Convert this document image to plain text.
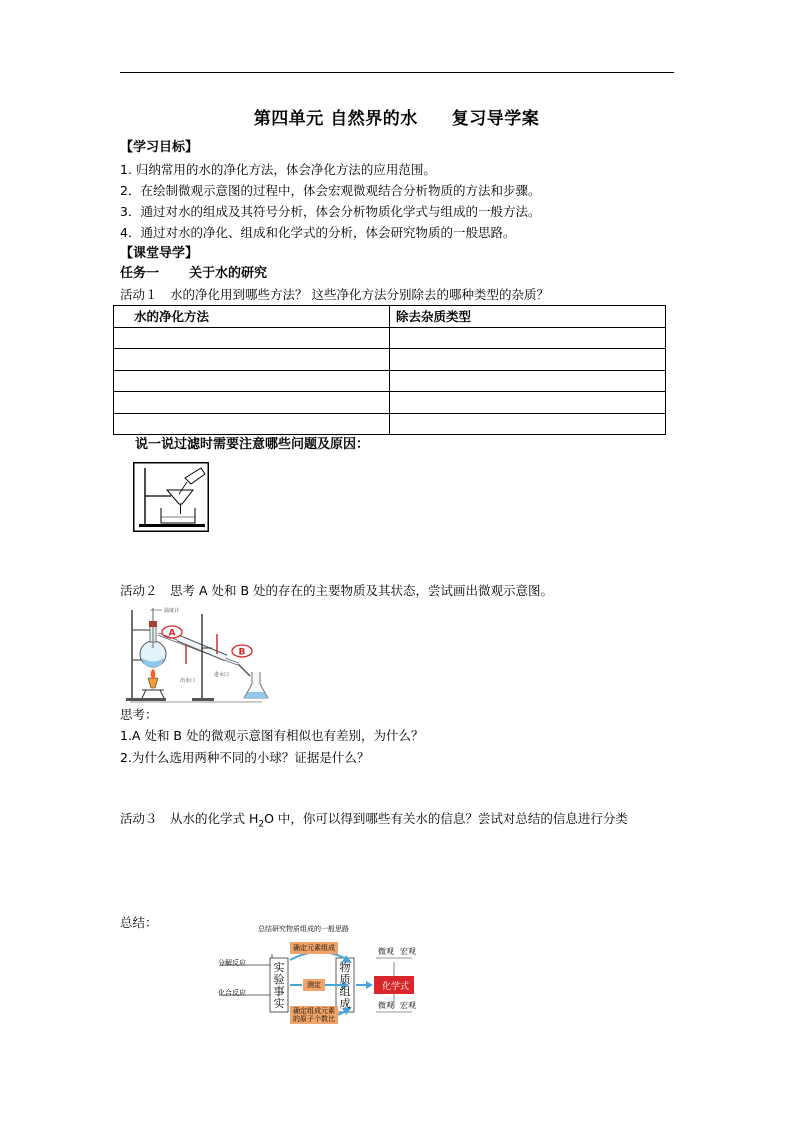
第四单元 自然界的水 复习导学案
【学习目标】
1. 归纳常用的水的净化方法，体会净化方法的应用范围。
2．在绘制微观示意图的过程中，体会宏观微观结合分析物质的方法和步骤。
3．通过对水的组成及其符号分析，体会分析物质化学式与组成的一般方法。
4．通过对水的净化、组成和化学式的分析，体会研究物质的一般思路。
【课堂导学】
任务一 关于水的研究
活动１　水的净化用到哪些方法？ 这些净化方法分别除去的哪种类型的杂质？
水的净化方法	除去杂质类型

说一说过滤时需要注意哪些问题及原因：
活动２　思考 A 处和 B 处的存在的主要物质及其状态，尝试画出微观示意图。
温度计
A
B
出水口
进水口
思考：
1.A 处和 B 处的微观示意图有相似也有差别，为什么？
2.为什么选用两种不同的小球？证据是什么？
活动３　从水的化学式 $H_2O$ 中，你可以得到哪些有关水的信息？尝试对总结的信息进行分类
总结：	总结研究物质组成的一般思路
确定元素组成
分解反应
化合反应
实验事实
测定
物质组成
确定组成元素
的原子个数比
化学式
微观 宏观
微观 宏观
